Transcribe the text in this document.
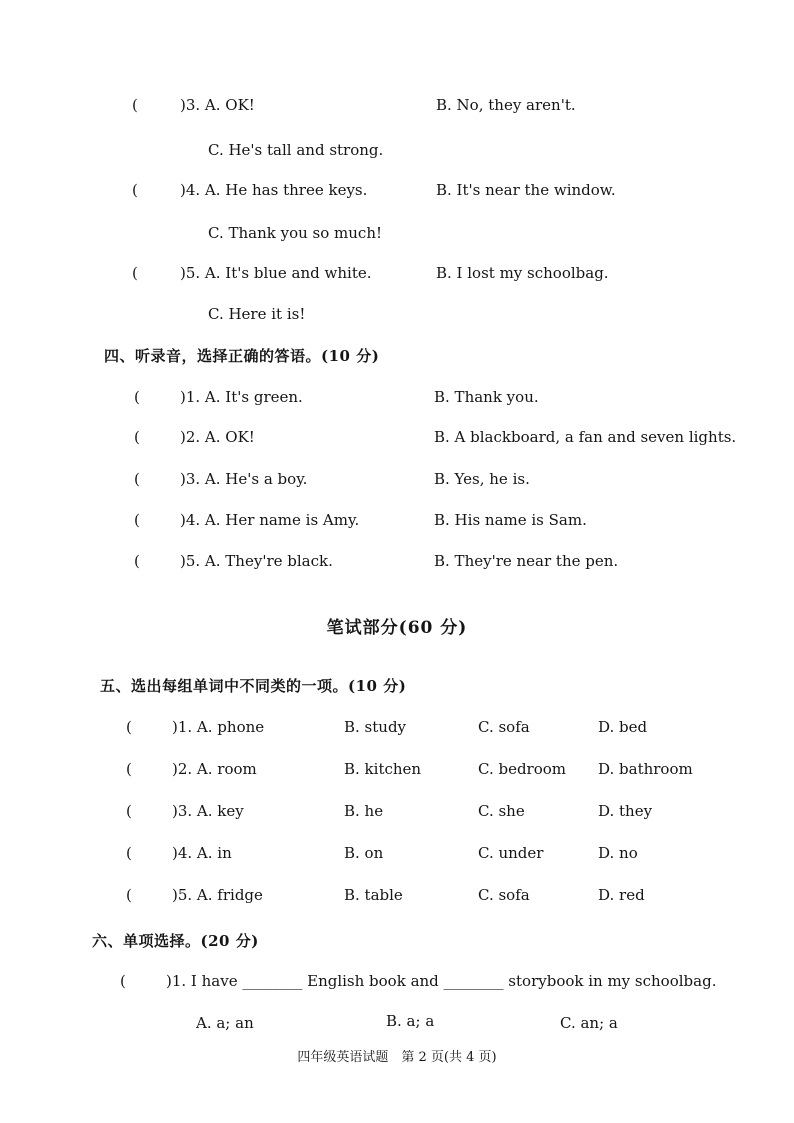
(	)3. A. OK!	B. No, they aren't.
C. He's tall and strong.
(	)4. A. He has three keys.	B. It's near the window.
C. Thank you so much!
(	)5. A. It's blue and white.	B. I lost my schoolbag.
C. Here it is!
四、听录音，选择正确的答语。(10 分)
(	)1. A. It's green.	B. Thank you.
(	)2. A. OK!	B. A blackboard, a fan and seven lights.
(	)3. A. He's a boy.	B. Yes, he is.
(	)4. A. Her name is Amy.	B. His name is Sam.
(	)5. A. They're black.	B. They're near the pen.
笔试部分(60 分)
五、选出每组单词中不同类的一项。(10 分)
(	)1. A. phone	B. study	C. sofa	D. bed
(	)2. A. room	B. kitchen	C. bedroom D. bathroom
(	)3. A. key	B. he	C. she	D. they
(	)4. A. in	B. on	C. under	D. no
(	)5. A. fridge	B. table	C. sofa	D. red
六、单项选择。(20 分)
(	)1. I have ________ English book and ________ storybook in my schoolbag.
A. a; an	B. a; a	C. an; a
四年级英语试题　第 2 页(共 4 页)
